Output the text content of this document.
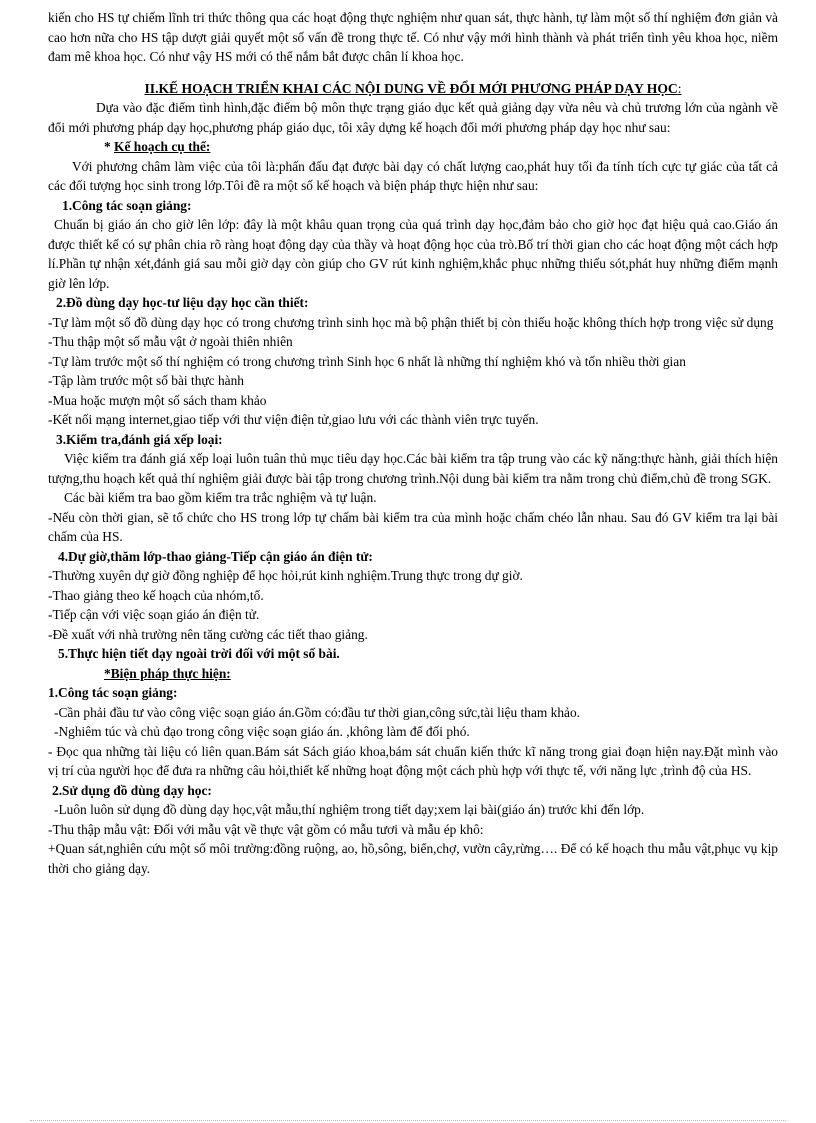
kiến cho HS tự chiếm lĩnh tri thức thông qua các hoạt động thực nghiệm như quan sát, thực hành, tự làm một số thí nghiệm đơn giản và cao hơn nữa cho HS tập dượt giải quyết một số vấn đề trong thực tế. Có như vậy mới hình thành và phát triển tình yêu khoa học, niềm đam mê khoa học. Có như vậy HS mới có thể nắm bắt được chân lí khoa học.

II.KẾ HOẠCH TRIỂN KHAI CÁC NỘI DUNG VỀ ĐỔI MỚI PHƯƠNG PHÁP DẠY HỌC:

Dựa vào đặc điểm tình hình,đặc điểm bộ môn thực trạng giáo dục kết quả giảng dạy vừa nêu và chủ trương lớn của ngành về đổi mới phương pháp dạy học,phương pháp giáo dục, tôi xây dựng kế hoạch đổi mới phương pháp dạy học như sau:

* Kế hoạch cụ thể:

Với phương châm làm việc của tôi là:phấn đấu đạt được bài dạy có chất lượng cao,phát huy tối đa tính tích cực tự giác của tất cả các đối tượng học sinh trong lớp.Tôi đề ra một số kế hoạch và biện pháp thực hiện như sau:

1.Công tác soạn giảng:

Chuẩn bị giáo án cho giờ lên lớp: đây là một khâu quan trọng của quá trình dạy học,đảm bảo cho giờ học đạt hiệu quả cao.Giáo án được thiết kế có sự phân chia rõ ràng hoạt động dạy của thầy và hoạt động học của trò.Bố trí thời gian cho các hoạt động một cách hợp lí.Phần tự nhận xét,đánh giá sau mỗi giờ dạy còn giúp cho GV rút kinh nghiệm,khắc phục những thiếu sót,phát huy những điểm mạnh giờ lên lớp.

2.Đồ dùng dạy học-tư liệu dạy học cần thiết:

-Tự làm một số đồ dùng dạy học có trong chương trình sinh học mà bộ phận thiết bị còn thiếu hoặc không thích hợp trong việc sử dụng

-Thu thập một số mẫu vật ở ngoài thiên nhiên

-Tự làm trước một số thí nghiệm có trong chương trình Sinh học 6 nhất là những thí nghiệm khó và tốn nhiều thời gian

-Tập làm trước một số bài thực hành

-Mua hoặc mượn một số sách tham khảo

-Kết nối mạng internet,giao tiếp với thư viện điện tử,giao lưu với các thành viên trực tuyến.

3.Kiểm tra,đánh giá xếp loại:

Việc kiểm tra đánh giá xếp loại luôn tuân thủ mục tiêu dạy học.Các bài kiểm tra tập trung vào các kỹ năng:thực hành, giải thích hiện tượng,thu hoạch kết quả thí nghiệm giải được bài tập trong chương trình.Nội dung bài kiểm tra nằm trong chủ điểm,chủ đề trong SGK.

Các bài kiểm tra bao gồm kiểm tra trắc nghiệm và tự luận.

-Nếu còn thời gian, sẽ tổ chức cho HS trong lớp tự chấm bài kiểm tra của mình hoặc chấm chéo lẫn nhau. Sau đó GV kiểm tra lại bài chấm của HS.

4.Dự giờ,thăm lớp-thao giảng-Tiếp cận giáo án điện tử:

-Thường xuyên dự giờ đồng nghiệp để học hỏi,rút kinh nghiệm.Trung thực trong dự giờ.

-Thao giảng theo kế hoạch của nhóm,tổ.

-Tiếp cận với việc soạn giáo án điện tử.

-Đề xuất với nhà trường nên tăng cường các tiết thao giảng.

5.Thực hiện tiết dạy ngoài trời đối với một số bài.

*Biện pháp thực hiện:

1.Công tác soạn giảng:

-Cần phải đầu tư vào công việc soạn giáo án.Gồm có:đầu tư thời gian,công sức,tài liệu tham khảo.

-Nghiêm túc và chủ đạo trong công việc soạn giáo án. ,không làm để đối phó.

- Đọc qua những tài liệu có liên quan.Bám sát Sách giáo khoa,bám sát chuẩn kiến thức kĩ năng trong giai đoạn hiện nay.Đặt mình vào vị trí của người học để đưa ra những câu hỏi,thiết kế những hoạt động một cách phù hợp với thực tế, với năng lực ,trình độ của HS.

2.Sử dụng đồ dùng dạy học:

-Luôn luôn sử dụng đồ dùng dạy học,vật mẫu,thí nghiệm trong tiết dạy;xem lại bài(giáo án) trước khi đến lớp.

-Thu thập mẫu vật: Đối với mẫu vật về thực vật gồm có mẫu tươi và mẫu ép khô:

+Quan sát,nghiên cứu một số môi trường:đồng ruộng, ao, hồ,sông, biển,chợ, vườn cây,rừng…. Để có kế hoạch thu mẫu vật,phục vụ kịp thời cho giảng dạy.
